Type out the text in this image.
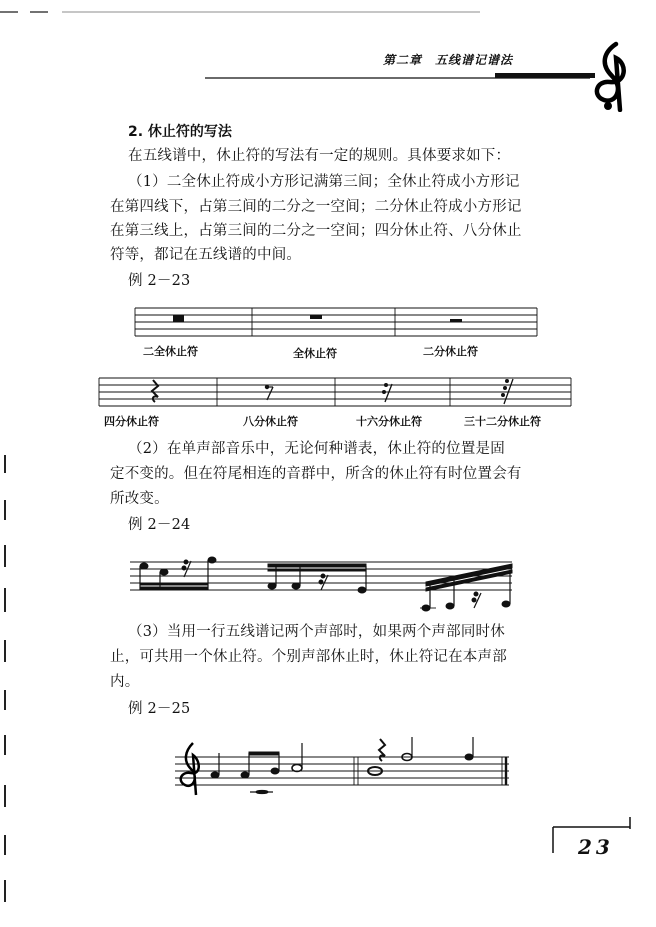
第二章　五线谱记谱法
2. 休止符的写法
在五线谱中，休止符的写法有一定的规则。具体要求如下：
（1）二全休止符成小方形记满第三间；全休止符成小方形记
在第四线下，占第三间的二分之一空间；二分休止符成小方形记
在第三线上，占第三间的二分之一空间；四分休止符、八分休止
符等，都记在五线谱的中间。
例 2－23
二全休止符	全休止符	二分休止符
四分休止符	八分休止符	十六分休止符	三十二分休止符
（2）在单声部音乐中，无论何种谱表，休止符的位置是固
定不变的。但在符尾相连的音群中，所含的休止符有时位置会有
所改变。
例 2－24
（3）当用一行五线谱记两个声部时，如果两个声部同时休
止，可共用一个休止符。个别声部休止时，休止符记在本声部
内。
例 2－25
23
